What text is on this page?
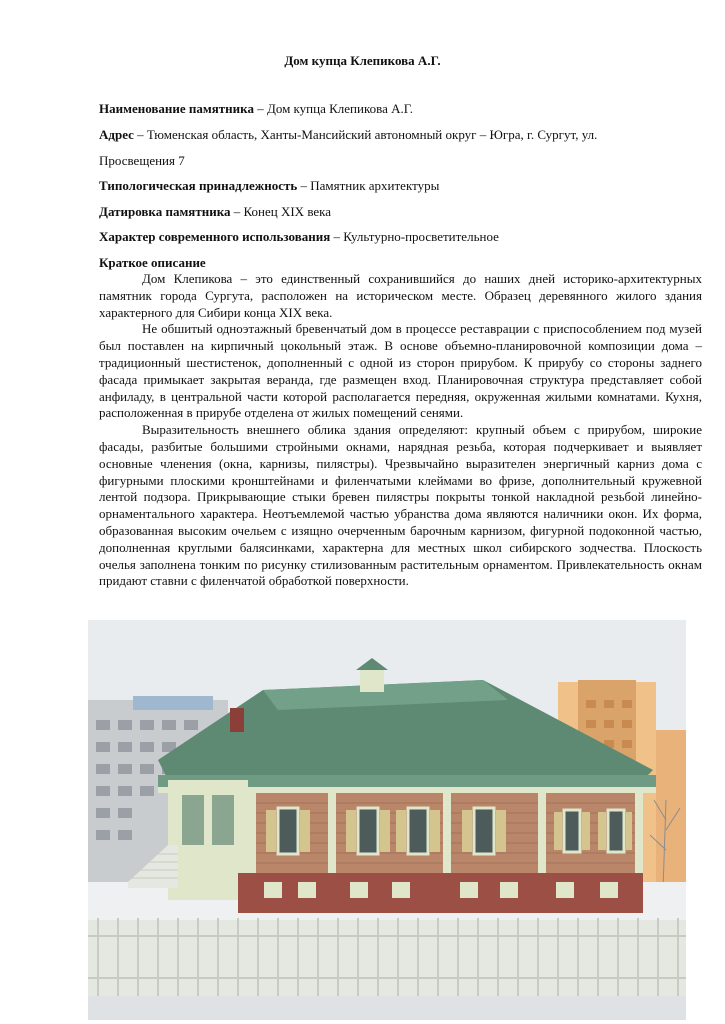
Дом купца Клепикова А.Г.
Наименование памятника – Дом купца Клепикова А.Г.
Адрес – Тюменская область, Ханты-Мансийский автономный округ – Югра, г. Сургут, ул.
Просвещения 7
Типологическая принадлежность – Памятник архитектуры
Датировка памятника – Конец XIX века
Характер современного использования – Культурно-просветительное
Краткое описание

Дом Клепикова – это единственный сохранившийся до наших дней историко-архитектурных памятник города Сургута, расположен на историческом месте. Образец деревянного жилого здания характерного для Сибири конца XIX века.

Не обшитый одноэтажный бревенчатый дом в процессе реставрации с приспособлением под музей был поставлен на кирпичный цокольный этаж. В основе объемно-планировочной композиции дома – традиционный шестистенок, дополненный с одной из сторон прирубом. К прирубу со стороны заднего фасада примыкает закрытая веранда, где размещен вход. Планировочная структура представляет собой анфиладу, в центральной части которой располагается передняя, окруженная жилыми комнатами. Кухня, расположенная в прирубе отделена от жилых помещений сенями.

Выразительность внешнего облика здания определяют: крупный объем с прирубом, широкие фасады, разбитые большими стройными окнами, нарядная резьба, которая подчеркивает и выявляет основные членения (окна, карнизы, пилястры). Чрезвычайно выразителен энергичный карниз дома с фигурными плоскими кронштейнами и филенчатыми клеймами во фризе, дополнительный кружевной лентой подзора. Прикрывающие стыки бревен пилястры покрыты тонкой накладной резьбой линейно-орнаментального характера. Неотъемлемой частью убранства дома являются наличники окон. Их форма, образованная высоким очельем с изящно очерченным барочным карнизом, фигурной подоконной частью, дополненная круглыми балясинками, характерна для местных школ сибирского зодчества. Плоскость очелья заполнена тонким по рисунку стилизованным растительным орнаментом. Привлекательность окнам придают ставни с филенчатой обработкой поверхности.
